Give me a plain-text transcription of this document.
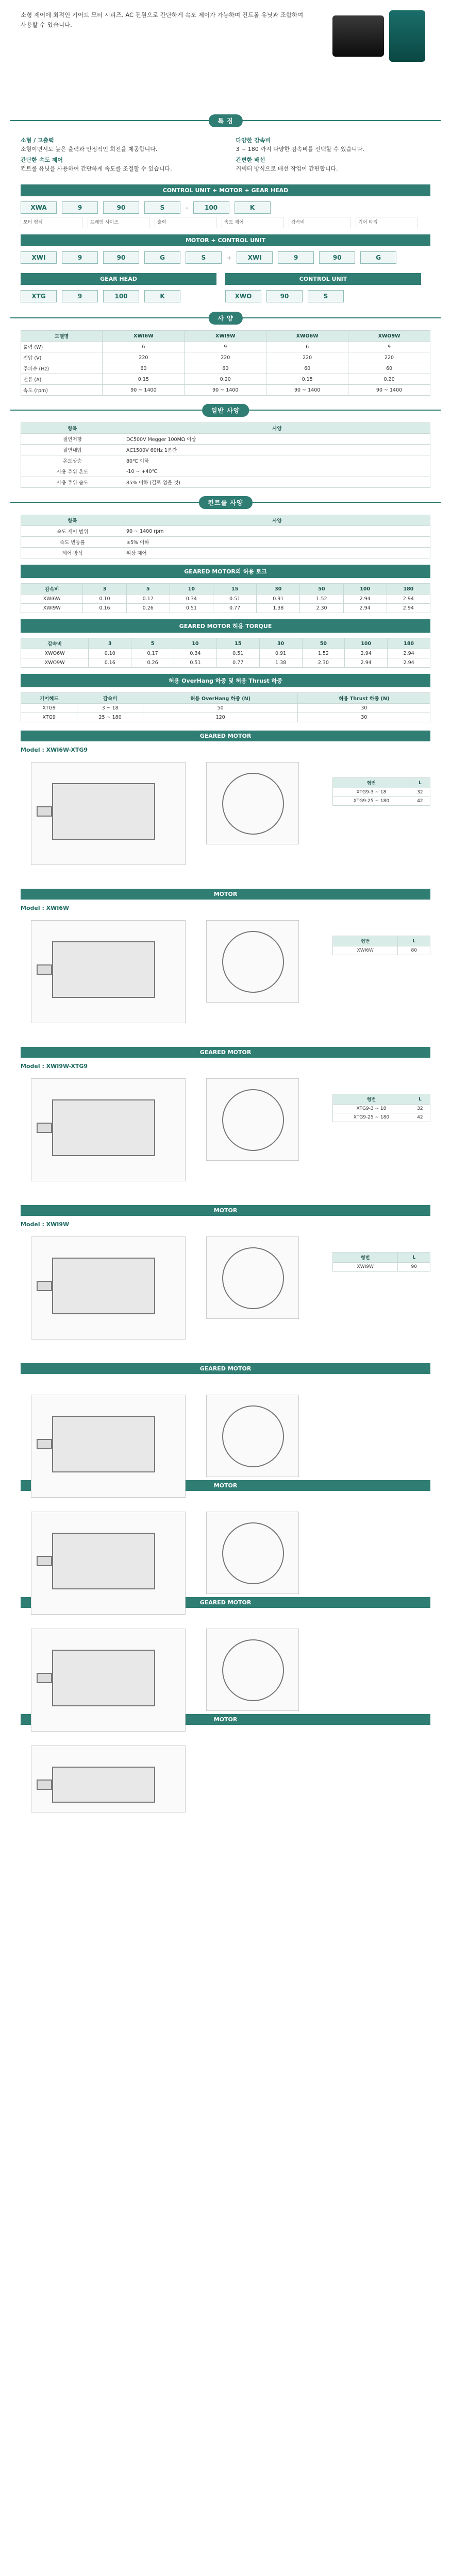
소형 제어에 최적인 기어드 모터 시리즈. AC 전원으로 간단하게 속도 제어가 가능하며 컨트롤 유닛과 조합하여 사용할 수 있습니다.

특 징
소형 / 고출력
소형이면서도 높은 출력과 안정적인 회전을 제공합니다.
간단한 속도 제어
컨트롤 유닛을 사용하여 간단하게 속도를 조절할 수 있습니다.
다양한 감속비
3 ~ 180 까지 다양한 감속비를 선택할 수 있습니다.
간편한 배선
커넥터 방식으로 배선 작업이 간편합니다.
CONTROL UNIT + MOTOR + GEAR HEAD
XWA	9	90	S	-	100	K
모터 형식	프레임 사이즈	출력	속도 제어	감속비	기어 타입
MOTOR + CONTROL UNIT
XWI	9	90	G	S	+	XWI	9	90	G
GEAR HEAD
XTG	9	100	K
CONTROL UNIT
XWO	90	S
사 양
모델명	XWI6W	XWI9W	XWO6W	XWO9W
출력 (W)	6	9	6	9
전압 (V)	220	220	220	220
주파수 (Hz)	60	60	60	60
전류 (A)	0.15	0.20	0.15	0.20
속도 (rpm)	90 ~ 1400	90 ~ 1400	90 ~ 1400	90 ~ 1400
일반 사양
항목	사양
절연저항	DC500V Megger 100MΩ 이상
절연내압	AC1500V 60Hz 1분간
온도상승	80℃ 이하
사용 주위 온도	-10 ~ +40℃
사용 주위 습도	85% 이하 (결로 없을 것)
컨트롤 사양
항목	사양
속도 제어 범위	90 ~ 1400 rpm
속도 변동률	±5% 이하
제어 방식	위상 제어
GEARED MOTOR의 허용 토크
감속비	3	5	10	15	30	50	100	180
XWI6W	0.10	0.17	0.34	0.51	0.91	1.52	2.94	2.94
XWI9W	0.16	0.26	0.51	0.77	1.38	2.30	2.94	2.94
GEARED MOTOR 허용 TORQUE
감속비	3	5	10	15	30	50	100	180
XWO6W	0.10	0.17	0.34	0.51	0.91	1.52	2.94	2.94
XWO9W	0.16	0.26	0.51	0.77	1.38	2.30	2.94	2.94
허용 OverHang 하중 및 허용 Thrust 하중
기어헤드	감속비	허용 OverHang 하중 (N)	허용 Thrust 하중 (N)
XTG9	3 ~ 18	50	30
XTG9	25 ~ 180	120	30
GEARED MOTOR
Model : XWI6W-XTG9
형번	L
XTG9-3 ~ 18	32
XTG9-25 ~ 180	42
MOTOR
Model : XWI6W
형번	L
XWI6W	80
GEARED MOTOR
Model : XWI9W-XTG9
형번	L
XTG9-3 ~ 18	32
XTG9-25 ~ 180	42
MOTOR
Model : XWI9W
형번	L
XWI9W	90
GEARED MOTOR
MOTOR
GEARED MOTOR
MOTOR
